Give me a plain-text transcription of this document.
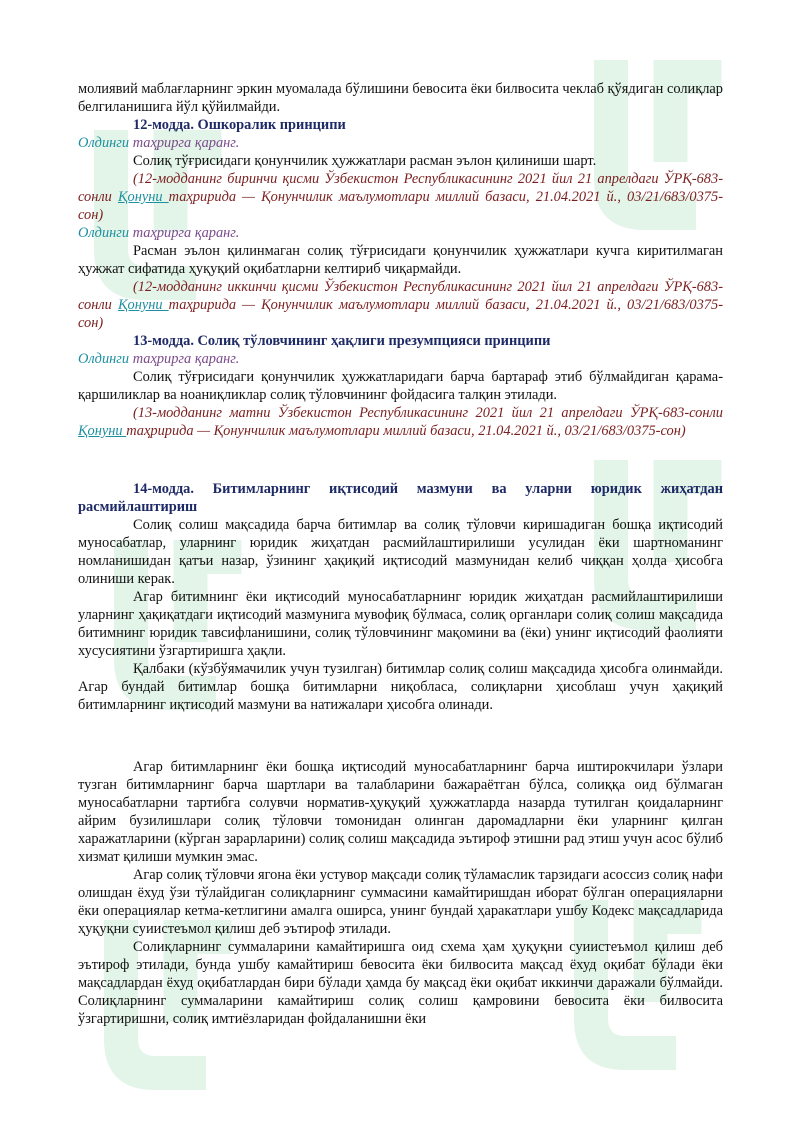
молиявий маблағларнинг эркин муомалада бўлишини бевосита ёки билвосита чеклаб қўядиган солиқлар белгиланишига йўл қўйилмайди.

12-модда. Ошкоралик принципи

Олдинги таҳрирга қаранг.

Солиқ тўғрисидаги қонунчилик ҳужжатлари расман эълон қилиниши шарт.

(12-модданинг биринчи қисми Ўзбекистон Республикасининг 2021 йил 21 апрелдаги ЎРҚ-683-сонли Қонуни таҳририда — Қонунчилик маълумотлари миллий базаси, 21.04.2021 й., 03/21/683/0375-сон)

Олдинги таҳрирга қаранг.

Расман эълон қилинмаган солиқ тўғрисидаги қонунчилик ҳужжатлари кучга киритилмаган ҳужжат сифатида ҳуқуқий оқибатларни келтириб чиқармайди.

(12-модданинг иккинчи қисми Ўзбекистон Республикасининг 2021 йил 21 апрелдаги ЎРҚ-683-сонли Қонуни таҳририда — Қонунчилик маълумотлари миллий базаси, 21.04.2021 й., 03/21/683/0375-сон)

13-модда. Солиқ тўловчининг ҳақлиги презумпцияси принципи

Олдинги таҳрирга қаранг.

Солиқ тўғрисидаги қонунчилик ҳужжатларидаги барча бартараф этиб бўлмайдиган қарама-қаршиликлар ва ноаниқликлар солиқ тўловчининг фойдасига талқин этилади.

(13-модданинг матни Ўзбекистон Республикасининг 2021 йил 21 апрелдаги ЎРҚ-683-сонли Қонуни таҳририда — Қонунчилик маълумотлари миллий базаси, 21.04.2021 й., 03/21/683/0375-сон)

14-модда. Битимларнинг иқтисодий мазмуни ва уларни юридик жиҳатдан расмийлаштириш

Солиқ солиш мақсадида барча битимлар ва солиқ тўловчи киришадиган бошқа иқтисодий муносабатлар, уларнинг юридик жиҳатдан расмийлаштирилиши усулидан ёки шартноманинг номланишидан қатъи назар, ўзининг ҳақиқий иқтисодий мазмунидан келиб чиққан ҳолда ҳисобга олиниши керак.

Агар битимнинг ёки иқтисодий муносабатларнинг юридик жиҳатдан расмийлаштирилиши уларнинг ҳақиқатдаги иқтисодий мазмунига мувофиқ бўлмаса, солиқ органлари солиқ солиш мақсадида битимнинг юридик тавсифланишини, солиқ тўловчининг мақомини ва (ёки) унинг иқтисодий фаолияти хусусиятини ўзгартиришга ҳақли.

Қалбаки (кўзбўямачилик учун тузилган) битимлар солиқ солиш мақсадида ҳисобга олинмайди. Агар бундай битимлар бошқа битимларни ниқобласа, солиқларни ҳисоблаш учун ҳақиқий битимларнинг иқтисодий мазмуни ва натижалари ҳисобга олинади.

Агар битимларнинг ёки бошқа иқтисодий муносабатларнинг барча иштирокчилари ўзлари тузган битимларнинг барча шартлари ва талабларини бажараётган бўлса, солиққа оид бўлмаган муносабатларни тартибга солувчи норматив-ҳуқуқий ҳужжатларда назарда тутилган қоидаларнинг айрим бузилишлари солиқ тўловчи томонидан олинган даромадларни ёки уларнинг қилган харажатларини (кўрган зарарларини) солиқ солиш мақсадида эътироф этишни рад этиш учун асос бўлиб хизмат қилиши мумкин эмас.

Агар солиқ тўловчи ягона ёки устувор мақсади солиқ тўламаслик тарзидаги асоссиз солиқ нафи олишдан ёхуд ўзи тўлайдиган солиқларнинг суммасини камайтиришдан иборат бўлган операцияларни ёки операциялар кетма-кетлигини амалга оширса, унинг бундай ҳаракатлари ушбу Кодекс мақсадларида ҳуқуқни суиистеъмол қилиш деб эътироф этилади.

Солиқларнинг суммаларини камайтиришга оид схема ҳам ҳуқуқни суиистеъмол қилиш деб эътироф этилади, бунда ушбу камайтириш бевосита ёки билвосита мақсад ёхуд оқибат бўлади ёки мақсадлардан ёхуд оқибатлардан бири бўлади ҳамда бу мақсад ёки оқибат иккинчи даражали бўлмайди. Солиқларнинг суммаларини камайтириш солиқ солиш қамровини бевосита ёки билвосита ўзгартиришни, солиқ имтиёзларидан фойдаланишни ёки
